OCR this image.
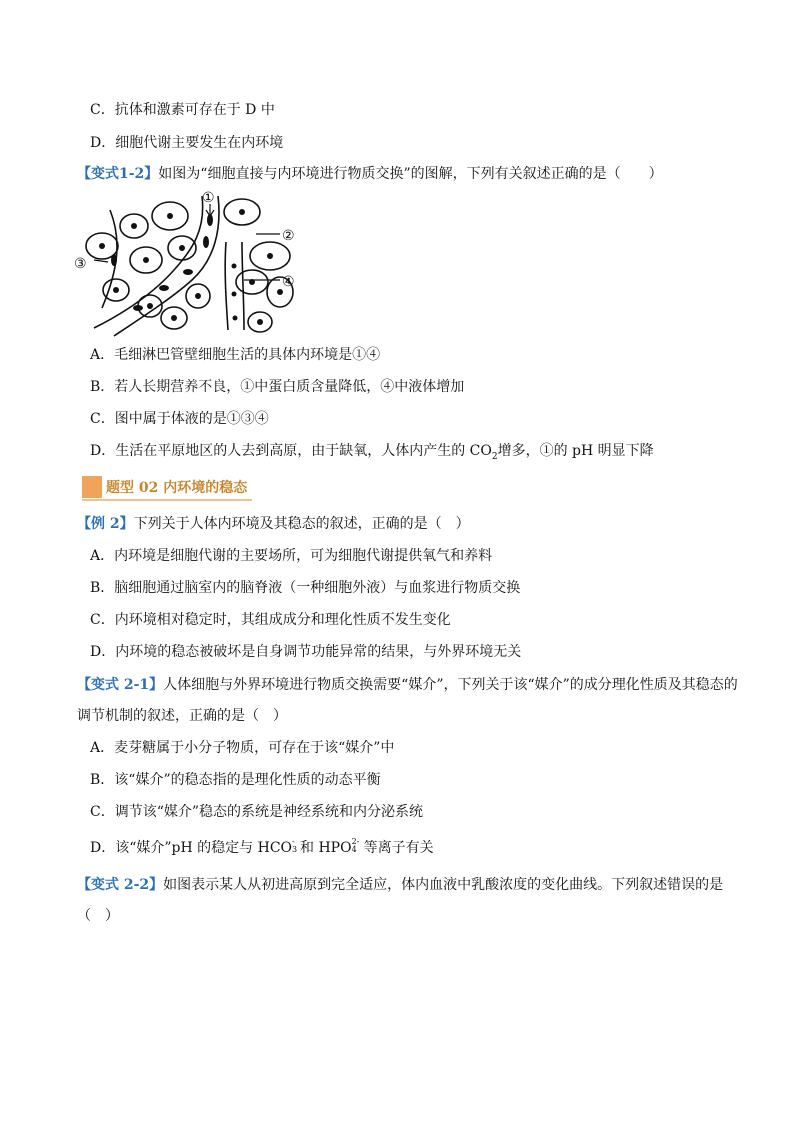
C．抗体和激素可存在于 D 中
D．细胞代谢主要发生在内环境
【变式1-2】如图为“细胞直接与内环境进行物质交换”的图解，下列有关叙述正确的是（　　）
①
②
③
④
A．毛细淋巴管壁细胞生活的具体内环境是①④
B．若人长期营养不良，①中蛋白质含量降低，④中液体增加
C．图中属于体液的是①③④
D．生活在平原地区的人去到高原，由于缺氧，人体内产生的 $CO_2$增多，①的 pH 明显下降
题型 02 内环境的稳态
【例 2】下列关于人体内环境及其稳态的叙述，正确的是（　）
A．内环境是细胞代谢的主要场所，可为细胞代谢提供氧气和养料
B．脑细胞通过脑室内的脑脊液（一种细胞外液）与血浆进行物质交换
C．内环境相对稳定时，其组成成分和理化性质不发生变化
D．内环境的稳态被破坏是自身调节功能异常的结果，与外界环境无关
【变式 2-1】人体细胞与外界环境进行物质交换需要“媒介”，下列关于该“媒介”的成分理化性质及其稳态的
调节机制的叙述，正确的是（　）
A．麦芽糖属于小分子物质，可存在于该“媒介”中
B．该“媒介”的稳态指的是理化性质的动态平衡
C．调节该“媒介”稳态的系统是神经系统和内分泌系统
D．该“媒介”pH 的稳定与 HCO -
3 和 HPO 2-
4 等离子有关
【变式 2-2】如图表示某人从初进高原到完全适应，体内血液中乳酸浓度的变化曲线。下列叙述错误的是
（　）
